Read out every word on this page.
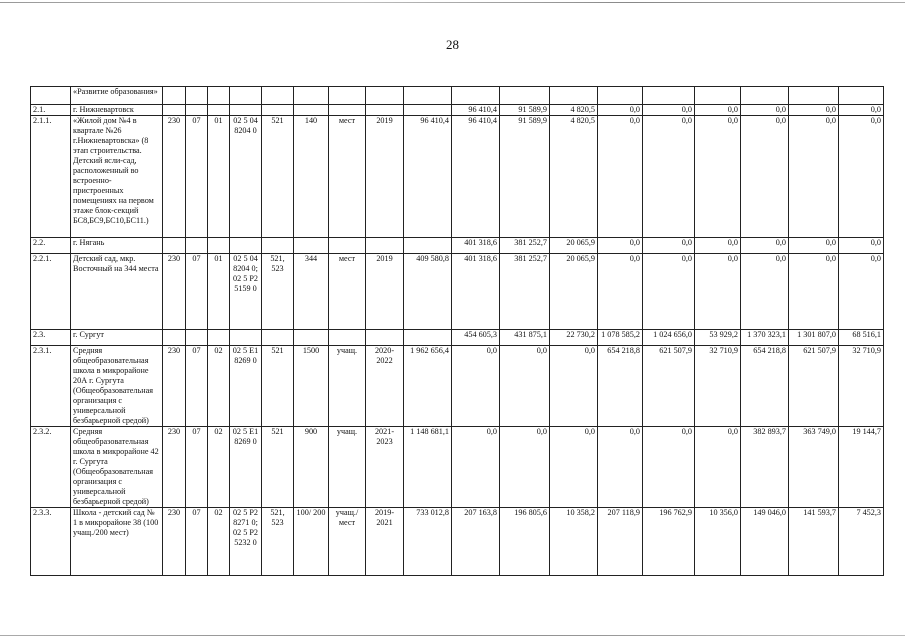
28
	«Развитие образования»																		
2.1.	г. Нижневартовск										96 410,4	91 589,9	4 820,5	0,0	0,0	0,0	0,0	0,0	0,0
2.1.1.	«Жилой дом №4 в квартале №26 г.Нижневартовска» (8 этап строительства. Детский ясли-сад, расположенный во встроенно-пристроенных помещениях на первом этаже блок-секций БС8,БС9,БС10,БС11.)	230	07	01	02 5 04 8204 0	521	140	мест	2019	96 410,4	96 410,4	91 589,9	4 820,5	0,0	0,0	0,0	0,0	0,0	0,0
2.2.	г. Нягань										401 318,6	381 252,7	20 065,9	0,0	0,0	0,0	0,0	0,0	0,0
2.2.1.	Детский сад, мкр. Восточный на 344 места	230	07	01	02 5 04 8204 0; 02 5 P2 5159 0	521, 523	344	мест	2019	409 580,8	401 318,6	381 252,7	20 065,9	0,0	0,0	0,0	0,0	0,0	0,0
2.3.	г. Сургут										454 605,3	431 875,1	22 730,2	1 078 585,2	1 024 656,0	53 929,2	1 370 323,1	1 301 807,0	68 516,1
2.3.1.	Средняя общеобразовательная школа в микрорайоне 20А г. Сургута (Общеобразовательная организация с универсальной безбарьерной средой)	230	07	02	02 5 E1 8269 0	521	1500	учащ.	2020-2022	1 962 656,4	0,0	0,0	0,0	654 218,8	621 507,9	32 710,9	654 218,8	621 507,9	32 710,9
2.3.2.	Средняя общеобразовательная школа в микрорайоне 42 г. Сургута (Общеобразовательная организация с универсальной безбарьерной средой)	230	07	02	02 5 E1 8269 0	521	900	учащ.	2021-2023	1 148 681,1	0,0	0,0	0,0	0,0	0,0	0,0	382 893,7	363 749,0	19 144,7
2.3.3.	Школа - детский сад № 1 в микрорайоне 38 (100 учащ./200 мест)	230	07	02	02 5 P2 8271 0; 02 5 P2 5232 0	521, 523	100/ 200	учащ./ мест	2019-2021	733 012,8	207 163,8	196 805,6	10 358,2	207 118,9	196 762,9	10 356,0	149 046,0	141 593,7	7 452,3
